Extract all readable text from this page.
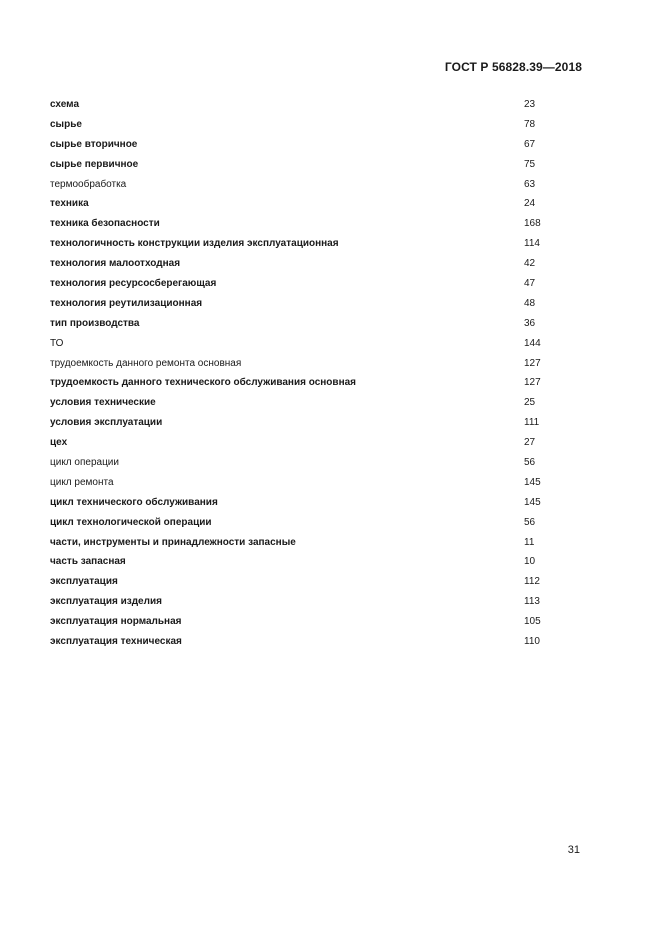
ГОСТ Р 56828.39—2018
схема	23
сырье	78
сырье вторичное	67
сырье первичное	75
термообработка	63
техника	24
техника безопасности	168
технологичность конструкции изделия эксплуатационная	114
технология малоотходная	42
технология ресурсосберегающая	47
технология реутилизационная	48
тип производства	36
ТО	144
трудоемкость данного ремонта основная	127
трудоемкость данного технического обслуживания основная	127
условия технические	25
условия эксплуатации	111
цех	27
цикл операции	56
цикл ремонта	145
цикл технического обслуживания	145
цикл технологической операции	56
части, инструменты и принадлежности запасные	11
часть запасная	10
эксплуатация	112
эксплуатация изделия	113
эксплуатация нормальная	105
эксплуатация техническая	110
31
